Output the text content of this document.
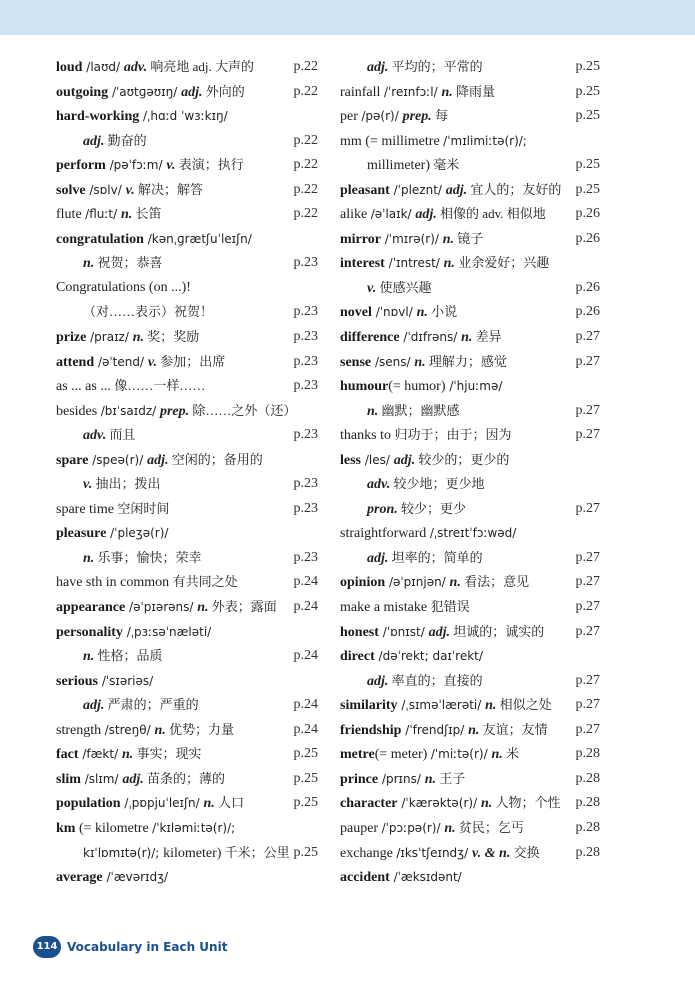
loud /laʊd/ adv. 响亮地 adj. 大声的	p.22
outgoing /ˈaʊtɡəʊɪŋ/ adj. 外向的	p.22
hard-working /ˌhɑːd ˈwɜːkɪŋ/
adj. 勤奋的	p.22
perform /pəˈfɔːm/ v. 表演；执行	p.22
solve /sɒlv/ v. 解决；解答	p.22
flute /fluːt/ n. 长笛	p.22
congratulation /kənˌɡrætʃuˈleɪʃn/
n. 祝贺；恭喜	p.23
Congratulations (on ...)!
（对……表示）祝贺！	p.23
prize /praɪz/ n. 奖；奖励	p.23
attend /əˈtend/ v. 参加；出席	p.23
as ... as ... 像……一样……	p.23
besides /bɪˈsaɪdz/ prep. 除……之外（还）
adv. 而且	p.23
spare /speə(r)/ adj. 空闲的；备用的
v. 抽出；拨出	p.23
spare time 空闲时间	p.23
pleasure /ˈpleʒə(r)/
n. 乐事；愉快；荣幸	p.23
have sth in common 有共同之处	p.24
appearance /əˈpɪərəns/ n. 外表；露面 p.24
personality /ˌpɜːsəˈnæləti/
n. 性格；品质	p.24
serious /ˈsɪəriəs/
adj. 严肃的；严重的	p.24
strength /streŋθ/ n. 优势；力量	p.24
fact /fækt/ n. 事实；现实	p.25
slim /slɪm/ adj. 苗条的；薄的	p.25
population /ˌpɒpjuˈleɪʃn/ n. 人口	p.25
km (= kilometre /ˈkɪləmiːtə(r)/;
kɪˈlɒmɪtə(r)/; kilometer) 千米；公里 p.25
average /ˈævərɪdʒ/
adj. 平均的；平常的	p.25
rainfall /ˈreɪnfɔːl/ n. 降雨量	p.25
per /pə(r)/ prep. 每	p.25
mm (= millimetre /ˈmɪlimiːtə(r)/;
millimeter) 毫米	p.25
pleasant /ˈpleznt/ adj. 宜人的；友好的 p.25
alike /əˈlaɪk/ adj. 相像的 adv. 相似地 p.26
mirror /ˈmɪrə(r)/ n. 镜子	p.26
interest /ˈɪntrest/ n. 业余爱好；兴趣
v. 使感兴趣	p.26
novel /ˈnɒvl/ n. 小说	p.26
difference /ˈdɪfrəns/ n. 差异	p.27
sense /sens/ n. 理解力；感觉	p.27
humour(= humor) /ˈhjuːmə/
n. 幽默；幽默感	p.27
thanks to 归功于；由于；因为	p.27
less /les/ adj. 较少的；更少的
adv. 较少地；更少地
pron. 较少；更少	p.27
straightforward /ˌstreɪtˈfɔːwəd/
adj. 坦率的；简单的	p.27
opinion /əˈpɪnjən/ n. 看法；意见	p.27
make a mistake 犯错误	p.27
honest /ˈɒnɪst/ adj. 坦诚的；诚实的 p.27
direct /dəˈrekt; daɪˈrekt/
adj. 率直的；直接的	p.27
similarity /ˌsɪməˈlærəti/ n. 相似之处 p.27
friendship /ˈfrendʃɪp/ n. 友谊；友情 p.27
metre(= meter) /ˈmiːtə(r)/ n. 米	p.28
prince /prɪns/ n. 王子	p.28
character /ˈkærəktə(r)/ n. 人物；个性 p.28
pauper /ˈpɔːpə(r)/ n. 贫民；乞丐	p.28
exchange /ɪksˈtʃeɪndʒ/ v. & n. 交换	p.28
accident /ˈæksɪdənt/
114 Vocabulary in Each Unit
